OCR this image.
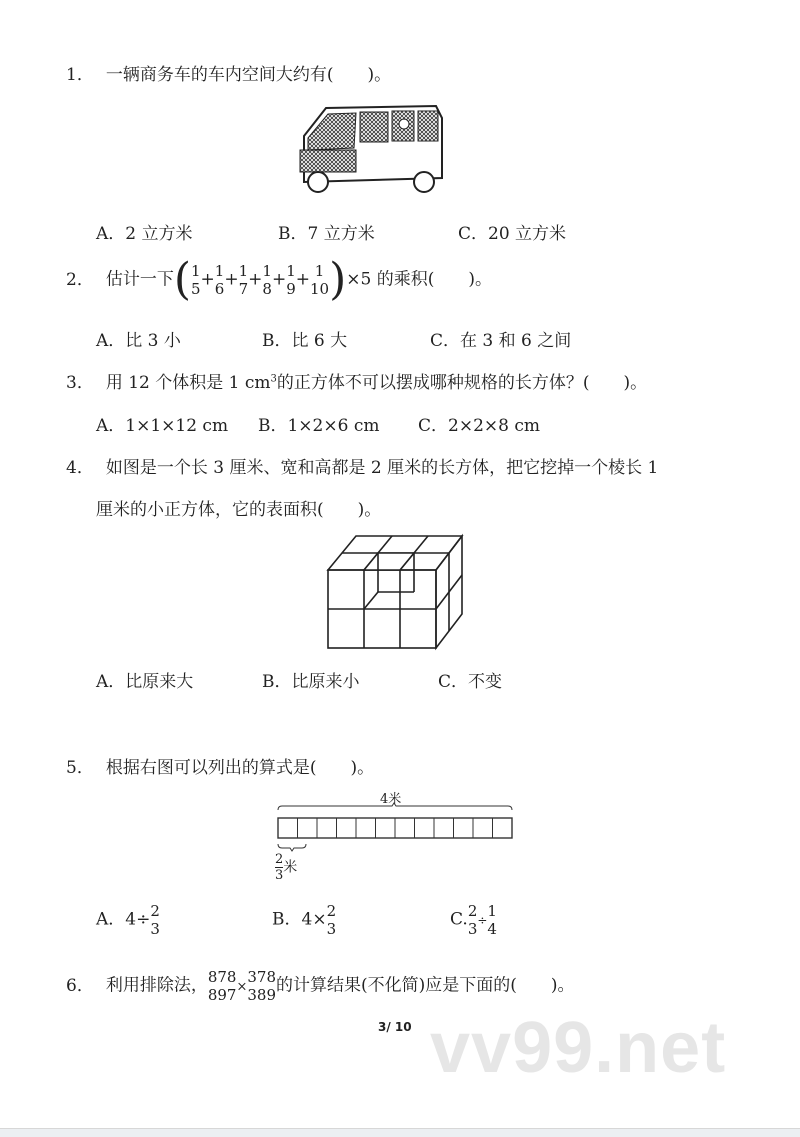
1． 一辆商务车的车内空间大约有(　　)。
A．2 立方米	B．7 立方米	C．20 立方米
2． 估计一下( 1
5 + 1
6 + 1
7 + 1
8 + 1
9 + 1
10 )×5 的乘积(　　)。
A．比 3 小	B．比 6 大	C．在 3 和 6 之间
3． 用 12 个体积是 1 $cm^3$的正方体不可以摆成哪种规格的长方体？(　　)。
A．1×1×12 cm B．1×2×6 cm C．2×2×8 cm
4． 如图是一个长 3 厘米、宽和高都是 2 厘米的长方体，把它挖掉一个棱长 1
厘米的小正方体，它的表面积(　　)。
A．比原来大	B．比原来小	C．不变
5． 根据右图可以列出的算式是(　　)。
4米
$\frac{2}{3}$ 米
A．4÷ 2
3	B．4× 2
3	C. 2
3 ÷
1
4
6． 利用排除法， 878
897 ×
378
389 的计算结果(不化简)应是下面的(　　)。
vv99.net
3/ 10
